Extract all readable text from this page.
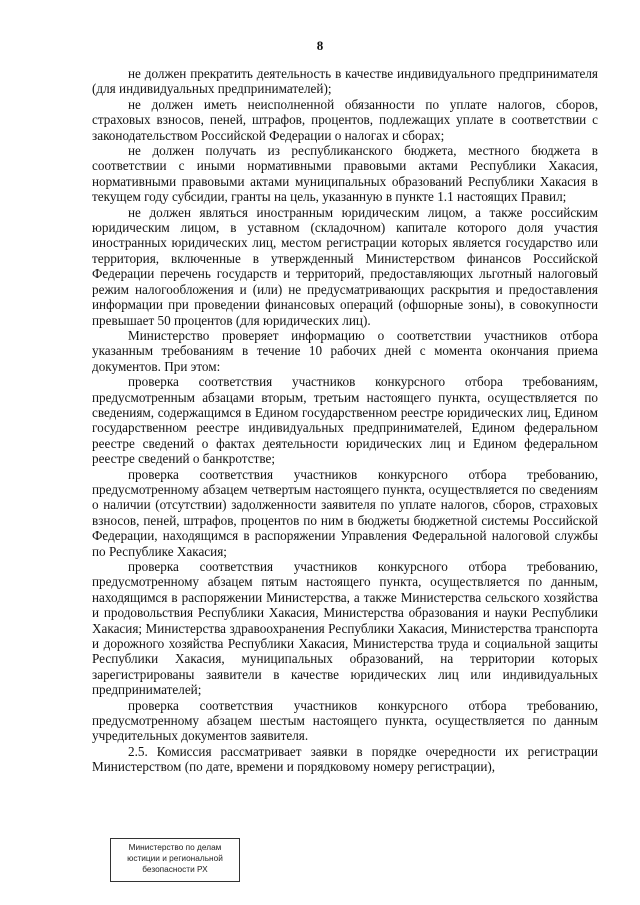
8

не должен прекратить деятельность в качестве индивидуального предпринимателя (для индивидуальных предпринимателей);

не должен иметь неисполненной обязанности по уплате налогов, сборов, страховых взносов, пеней, штрафов, процентов, подлежащих уплате в соответствии с законодательством Российской Федерации о налогах и сборах;

не должен получать из республиканского бюджета, местного бюджета в соответствии с иными нормативными правовыми актами Республики Хакасия, нормативными правовыми актами муниципальных образований Республики Хакасия в текущем году субсидии, гранты на цель, указанную в пункте 1.1 настоящих Правил;

не должен являться иностранным юридическим лицом, а также российским юридическим лицом, в уставном (складочном) капитале которого доля участия иностранных юридических лиц, местом регистрации которых является государство или территория, включенные в утвержденный Министерством финансов Российской Федерации перечень государств и территорий, предоставляющих льготный налоговый режим налогообложения и (или) не предусматривающих раскрытия и предоставления информации при проведении финансовых операций (офшорные зоны), в совокупности превышает 50 процентов (для юридических лиц).

Министерство проверяет информацию о соответствии участников отбора указанным требованиям в течение 10 рабочих дней с момента окончания приема документов. При этом:

проверка соответствия участников конкурсного отбора требованиям, предусмотренным абзацами вторым, третьим настоящего пункта, осуществляется по сведениям, содержащимся в Едином государственном реестре юридических лиц, Едином государственном реестре индивидуальных предпринимателей, Едином федеральном реестре сведений о фактах деятельности юридических лиц и Едином федеральном реестре сведений о банкротстве;

проверка соответствия участников конкурсного отбора требованию, предусмотренному абзацем четвертым настоящего пункта, осуществляется по сведениям о наличии (отсутствии) задолженности заявителя по уплате налогов, сборов, страховых взносов, пеней, штрафов, процентов по ним в бюджеты бюджетной системы Российской Федерации, находящимся в распоряжении Управления Федеральной налоговой службы по Республике Хакасия;

проверка соответствия участников конкурсного отбора требованию, предусмотренному абзацем пятым настоящего пункта, осуществляется по данным, находящимся в распоряжении Министерства, а также Министерства сельского хозяйства и продовольствия Республики Хакасия, Министерства образования и науки Республики Хакасия; Министерства здравоохранения Республики Хакасия, Министерства транспорта и дорожного хозяйства Республики Хакасия, Министерства труда и социальной защиты Республики Хакасия, муниципальных образований, на территории которых зарегистрированы заявители в качестве юридических лиц или индивидуальных предпринимателей;

проверка соответствия участников конкурсного отбора требованию, предусмотренному абзацем шестым настоящего пункта, осуществляется по данным учредительных документов заявителя.

2.5. Комиссия рассматривает заявки в порядке очередности их регистрации Министерством (по дате, времени и порядковому номеру регистрации),

Министерство по делам
юстиции и региональной
безопасности РХ
